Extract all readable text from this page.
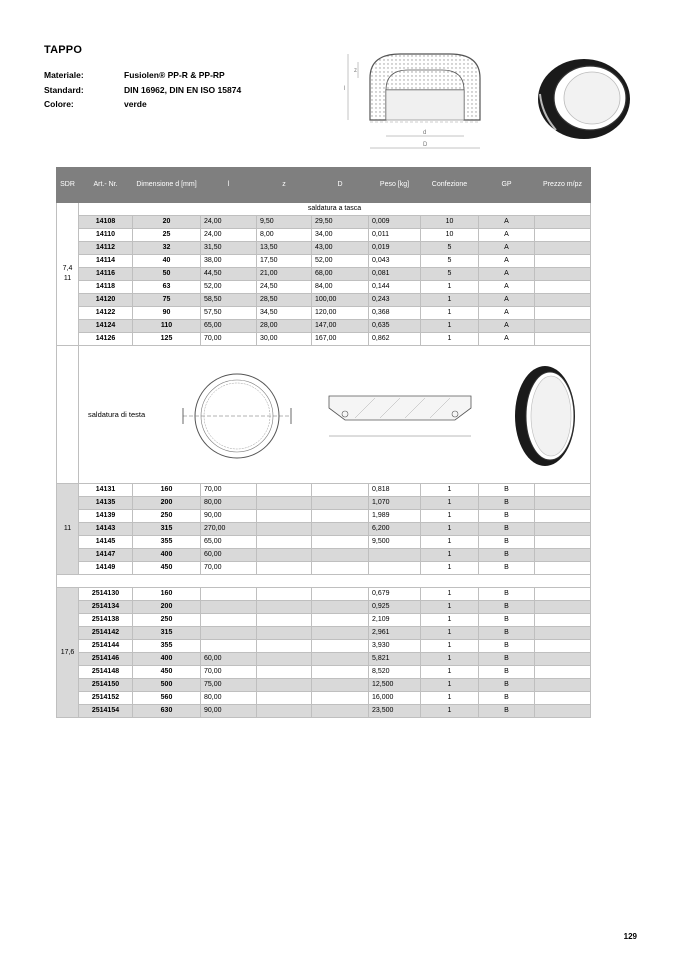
TAPPO
Materiale:	Fusiolen® PP-R & PP-RP
Standard:	DIN 16962, DIN EN ISO 15874
Colore:	verde
z
l
d
D
SDR	Art.- Nr.	Dimensione d [mm]	l	z	D	Peso [kg]	Confezione	GP	Prezzo m/pz
7,4
11	saldatura a tasca								
	14108	20	24,00	9,50	29,50	0,009	10	A	
	14110	25	24,00	8,00	34,00	0,011	10	A	
	14112	32	31,50	13,50	43,00	0,019	5	A	
	14114	40	38,00	17,50	52,00	0,043	5	A	
	14116	50	44,50	21,00	68,00	0,081	5	A	
	14118	63	52,00	24,50	84,00	0,144	1	A	
	14120	75	58,50	28,50	100,00	0,243	1	A	
	14122	90	57,50	34,50	120,00	0,368	1	A	
	14124	110	65,00	28,00	147,00	0,635	1	A	
	14126	125	70,00	30,00	167,00	0,862	1	A	

	saldatura di testa								

11	14131	160	70,00			0,818	1	B	
	14135	200	80,00			1,070	1	B	
	14139	250	90,00			1,989	1	B	
	14143	315	270,00			6,200	1	B	
	14145	355	65,00			9,500	1	B	
	14147	400	60,00				1	B	
	14149	450	70,00				1	B	

17,6	2514130	160				0,679	1	B	
	2514134	200				0,925	1	B	
	2514138	250				2,109	1	B	
	2514142	315				2,961	1	B	
	2514144	355				3,930	1	B	
	2514146	400	60,00			5,821	1	B	
	2514148	450	70,00			8,520	1	B	
	2514150	500	75,00			12,500	1	B	
	2514152	560	80,00			16,000	1	B	
	2514154	630	90,00			23,500	1	B	
129
